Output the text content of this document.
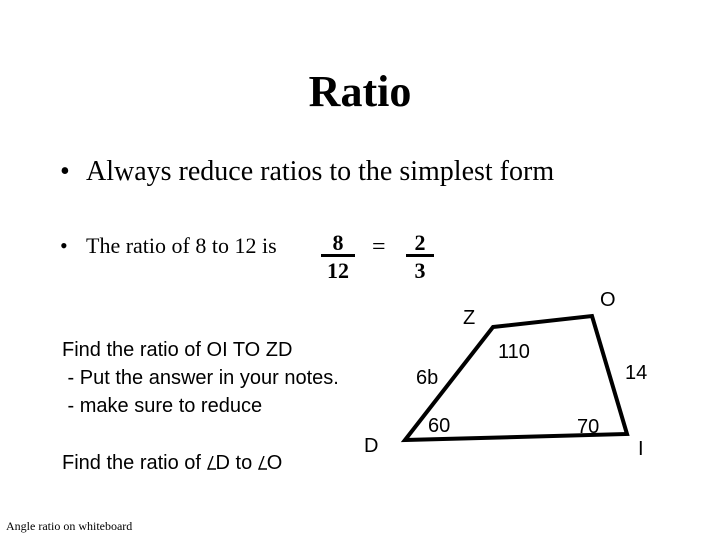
Ratio
• Always reduce ratios to the simplest form
• The ratio of 8 to 12 is $\frac{8}{12} = \frac{2}{3}$
Find the ratio of OI TO ZD
- Put the answer in your notes.
- make sure to reduce
Find the ratio of
D to
O
Angle ratio on whiteboard
Z
O
D	I
110
6b	14
60	70
